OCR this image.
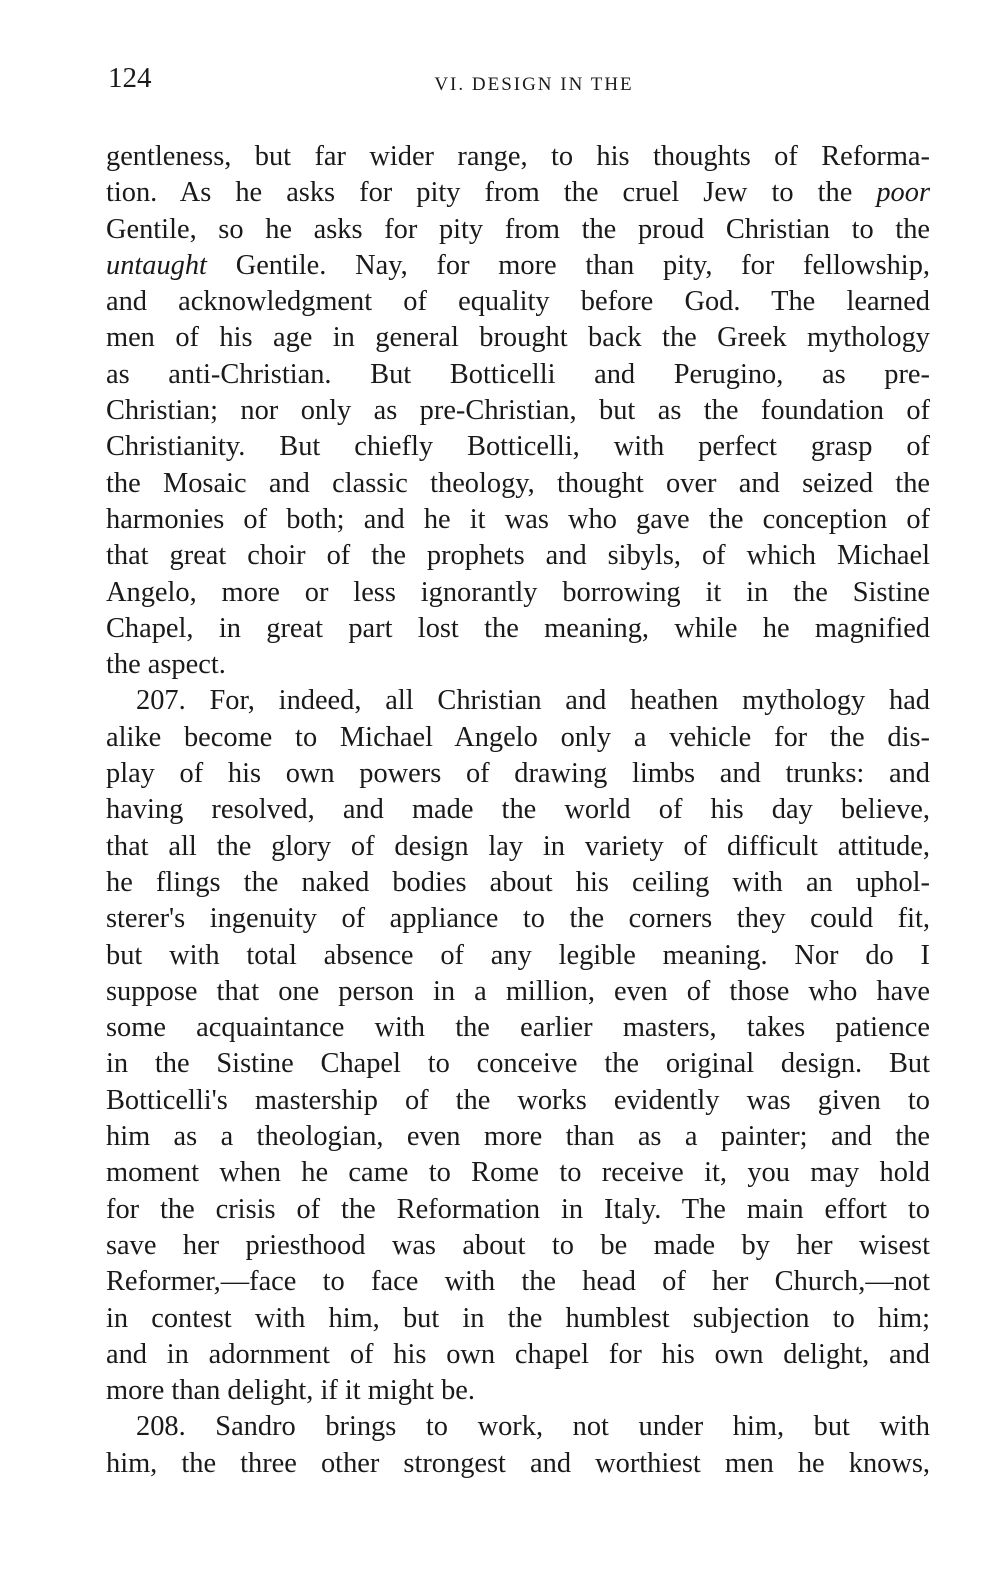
124	VI. DESIGN IN THE
gentleness, but far wider range, to his thoughts of Reforma-
tion. As he asks for pity from the cruel Jew to the poor
Gentile, so he asks for pity from the proud Christian to the
untaught Gentile. Nay, for more than pity, for fellowship,
and acknowledgment of equality before God. The learned
men of his age in general brought back the Greek mythology
as anti-Christian. But Botticelli and Perugino, as pre-
Christian; nor only as pre-Christian, but as the foundation of
Christianity. But chiefly Botticelli, with perfect grasp of
the Mosaic and classic theology, thought over and seized the
harmonies of both; and he it was who gave the conception of
that great choir of the prophets and sibyls, of which Michael
Angelo, more or less ignorantly borrowing it in the Sistine
Chapel, in great part lost the meaning, while he magnified
the aspect.
207. For, indeed, all Christian and heathen mythology had
alike become to Michael Angelo only a vehicle for the dis-
play of his own powers of drawing limbs and trunks: and
having resolved, and made the world of his day believe,
that all the glory of design lay in variety of difficult attitude,
he flings the naked bodies about his ceiling with an uphol-
sterer's ingenuity of appliance to the corners they could fit,
but with total absence of any legible meaning. Nor do I
suppose that one person in a million, even of those who have
some acquaintance with the earlier masters, takes patience
in the Sistine Chapel to conceive the original design. But
Botticelli's mastership of the works evidently was given to
him as a theologian, even more than as a painter; and the
moment when he came to Rome to receive it, you may hold
for the crisis of the Reformation in Italy. The main effort to
save her priesthood was about to be made by her wisest
Reformer,—face to face with the head of her Church,—not
in contest with him, but in the humblest subjection to him;
and in adornment of his own chapel for his own delight, and
more than delight, if it might be.
208. Sandro brings to work, not under him, but with
him, the three other strongest and worthiest men he knows,
